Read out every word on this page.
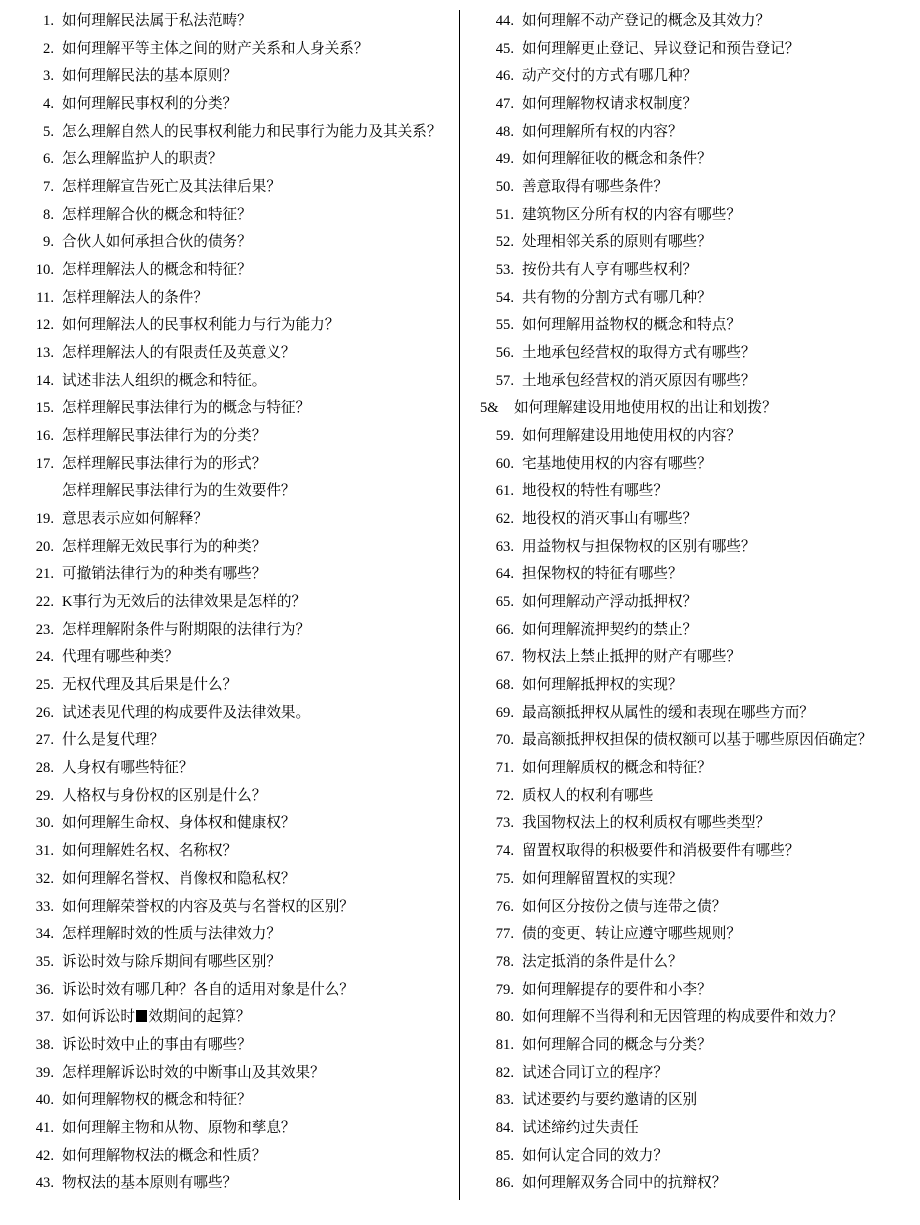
1. 如何理解民法属于私法范畴？
2. 如何理解平等主体之间的财产关系和人身关系？
3. 如何理解民法的基本原则？
4. 如何理解民事权利的分类？
5. 怎么理解自然人的民事权利能力和民事行为能力及其关系？
6. 怎么理解监护人的职责？
7. 怎样理解宣告死亡及其法律后果？
8. 怎样理解合伙的概念和特征？
9. 合伙人如何承担合伙的债务？
10. 怎样理解法人的概念和特征？
11. 怎样理解法人的条件？
12. 如何理解法人的民事权利能力与行为能力？
13. 怎样理解法人的有限责任及英意义？
14. 试述非法人组织的概念和特征。
15. 怎样理解民事法律行为的概念与特征？
16. 怎样理解民事法律行为的分类？
17. 怎样理解民事法律行为的形式？
怎样理解民事法律行为的生效要件？
19. 意思表示应如何解释？
20. 怎样理解无效民事行为的种类？
21. 可撤销法律行为的种类有哪些？
22. K事行为无效后的法律效果是怎样的？
23. 怎样理解附条件与附期限的法律行为？
24. 代理有哪些种类？
25. 无权代理及其后果是什么？
26. 试述表见代理的构成要件及法律效果。
27. 什么是复代理？
28. 人身权有哪些特征？
29. 人格权与身份权的区别是什么？
30. 如何理解生命权、身体权和健康权？
31. 如何理解姓名权、名称权？
32. 如何理解名誉权、肖像权和隐私权？
33. 如何理解荣誉权的内容及英与名誉权的区别？
34. 怎样理解时效的性质与法律效力？
35. 诉讼时效与除斥期间有哪些区别？
36. 诉讼时效有哪几种？各自的适用对象是什么？
37. 如何诉讼时 效期间的起算？
38. 诉讼时效中止的事由有哪些？
39. 怎样理解诉讼时效的中断事山及其效果？
40. 如何理解物权的概念和特征？
41. 如何理解主物和从物、原物和孳息？
42. 如何理解物权法的概念和性质？
43. 物权法的基本原则有哪些？
44. 如何理解不动产登记的概念及其效力？
45. 如何理解更止登记、异议登记和预告登记？
46. 动产交付的方式有哪几种？
47. 如何理解物权请求权制度？
48. 如何理解所有权的内容？
49. 如何理解征收的概念和条件？
50. 善意取得有哪些条件？
51. 建筑物区分所有权的内容有哪些？
52. 处理相邻关系的原则有哪些？
53. 按份共有人亨有哪些权利？
54. 共有物的分割方式有哪几种？
55. 如何理解用益物权的概念和特点？
56. 土地承包经营权的取得方式有哪些？
57. 土地承包经营权的消灭原因有哪些？
5&	如何理解建设用地使用权的出让和划拨？
59. 如何理解建设用地使用权的内容？
60. 宅基地使用权的内容有哪些？
61. 地役权的特性有哪些？
62. 地役权的消灭事山有哪些？
63. 用益物权与担保物权的区别有哪些？
64. 担保物权的特征有哪些？
65. 如何理解动产浮动抵押权？
66. 如何理解流押契约的禁止？
67. 物权法上禁止抵押的财产有哪些？
68. 如何理解抵押权的实现？
69. 最高额抵押权从属性的缓和表现在哪些方而？
70. 最高额抵押权担保的债权额可以基于哪些原因佰确定？
71. 如何理解质权的概念和特征？
72. 质权人的权利有哪些
73. 我国物权法上的权利质权有哪些类型？
74. 留置权取得的积极要件和消极要件有哪些？
75. 如何理解留置权的实现？
76. 如何区分按份之债与连带之债？
77. 债的变更、转让应遵守哪些规则？
78. 法定抵消的条件是什么？
79. 如何理解提存的要件和小李？
80. 如何理解不当得利和无因管理的构成要件和效力？
81. 如何理解合同的概念与分类？
82. 试述合同订立的程序？
83. 试述要约与要约邀请的区别
84. 试述缔约过失责任
85. 如何认定合同的效力？
86. 如何理解双务合同中的抗辩权？
